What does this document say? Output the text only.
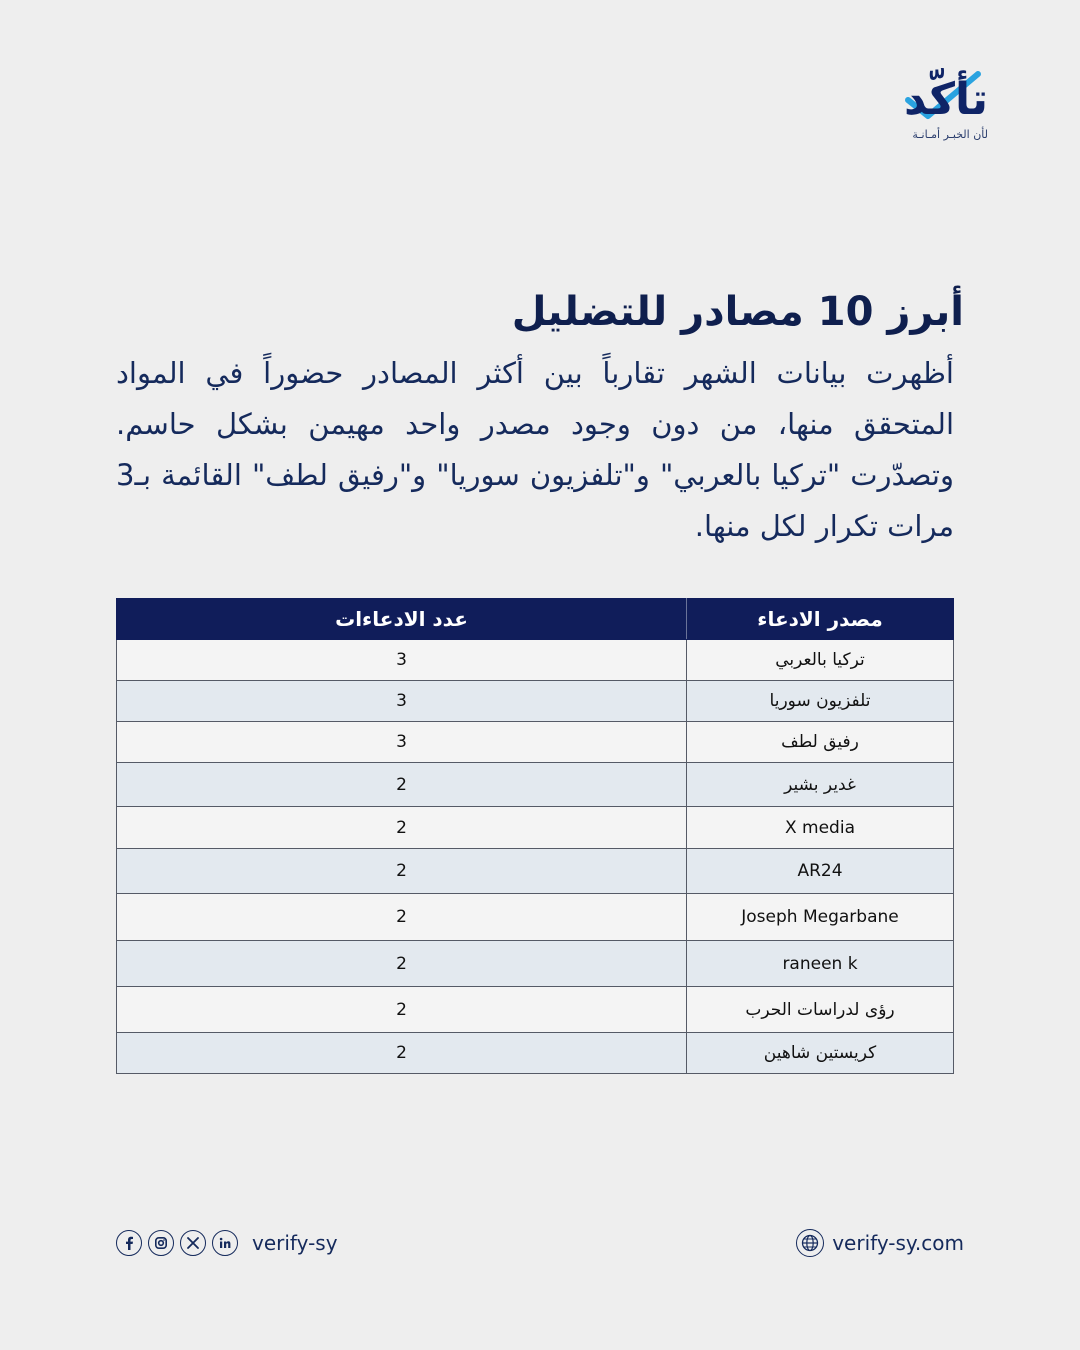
تأكّد
لأن الخبـر أمـانـة
أبرز 10 مصادر للتضليل

أظهرت بيانات الشهر تقارباً بين أكثر المصادر حضوراً في المواد المتحقق منها، من دون وجود مصدر واحد مهيمن بشكل حاسم. وتصدّرت "تركيا بالعربي" و"تلفزيون سوريا" و"رفيق لطف" القائمة بـ3 مرات تكرار لكل منها.

مصدر الادعاء	عدد الادعاءات
تركيا بالعربي	3
تلفزيون سوريا	3
رفيق لطف	3
غدير بشير	2
X media	2
AR24	2
Joseph Megarbane	2
raneen k	2
رؤى لدراسات الحرب	2
كريستين شاهين	2
verify-sy	verify-sy.com
